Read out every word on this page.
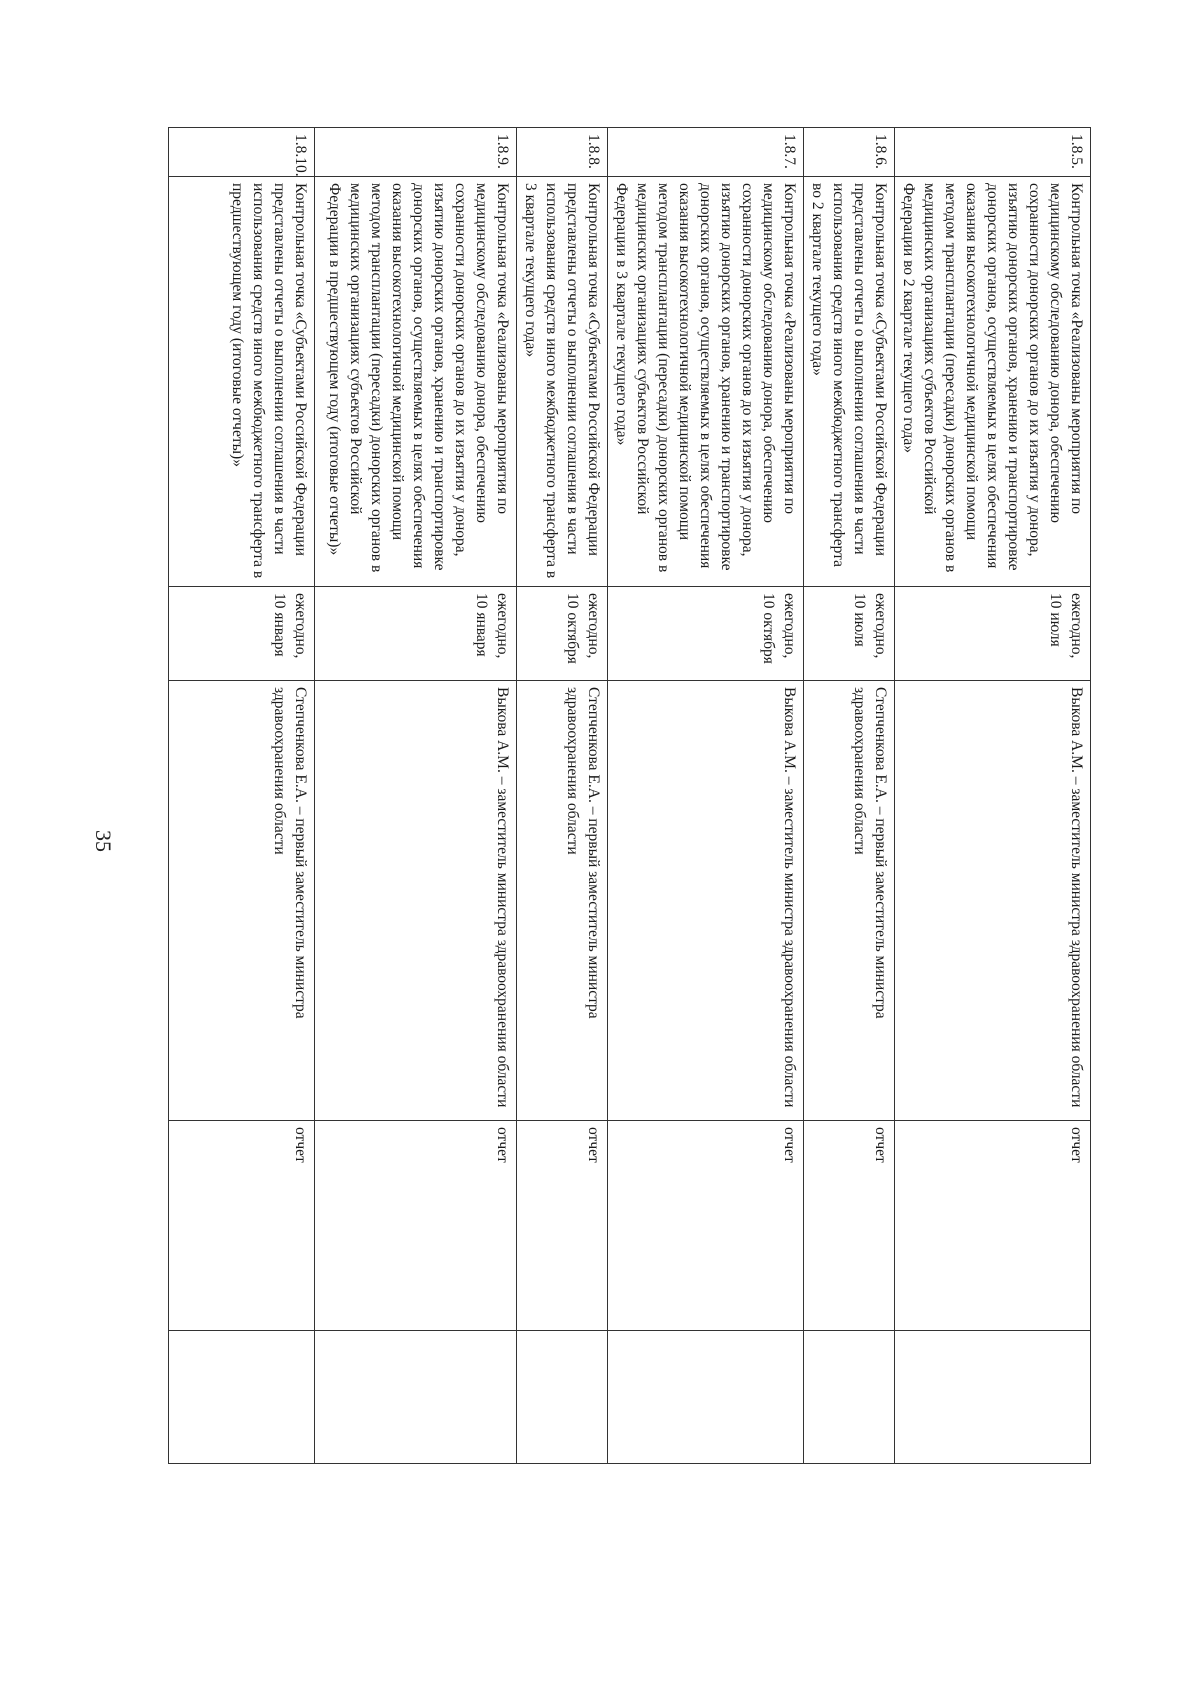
35
1.8.5.	Контрольная точка «Реализованы мероприятия по медицинскому обследованию донора, обеспечению сохранности донорских органов до их изъятия у донора, изъятию донорских органов, хранению и транспортировке донорских органов, осуществляемых в целях обеспечения оказания высокотехнологичной медицинской помощи методом трансплантации (пересадки) донорских органов в медицинских организациях субъектов Российской Федерации во 2 квартале текущего года»	ежегодно, 10 июля	Выкова А.М. – заместитель министра здравоохранения области	отчет	
1.8.6.	Контрольная точка «Субъектами Российской Федерации представлены отчеты о выполнении соглашения в части использования средств иного межбюджетного трансферта во 2 квартале текущего года»	ежегодно, 10 июля	Степченкова Е.А. – первый заместитель министра здравоохранения области	отчет	
1.8.7.	Контрольная точка «Реализованы мероприятия по медицинскому обследованию донора, обеспечению сохранности донорских органов до их изъятия у донора, изъятию донорских органов, хранению и транспортировке донорских органов, осуществляемых в целях обеспечения оказания высокотехнологичной медицинской помощи методом трансплантации (пересадки) донорских органов в медицинских организациях субъектов Российской Федерации в 3 квартале текущего года»	ежегодно, 10 октября	Выкова А.М. – заместитель министра здравоохранения области	отчет	
1.8.8.	Контрольная точка «Субъектами Российской Федерации представлены отчеты о выполнении соглашения в части использования средств иного межбюджетного трансферта в 3 квартале текущего года»	ежегодно, 10 октября	Степченкова Е.А. – первый заместитель министра здравоохранения области	отчет	
1.8.9.	Контрольная точка «Реализованы мероприятия по медицинскому обследованию донора, обеспечению сохранности донорских органов до их изъятия у донора, изъятию донорских органов, хранению и транспортировке донорских органов, осуществляемых в целях обеспечения оказания высокотехнологичной медицинской помощи методом трансплантации (пересадки) донорских органов в медицинских организациях субъектов Российской Федерации в предшествующем году (итоговые отчеты)»	ежегодно, 10 января	Выкова А.М. – заместитель министра здравоохранения области	отчет	
1.8.10.	Контрольная точка «Субъектами Российской Федерации представлены отчеты о выполнении соглашения в части использования средств иного межбюджетного трансферта в предшествующем году (итоговые отчеты)»	ежегодно, 10 января	Степченкова Е.А. – первый заместитель министра здравоохранения области	отчет	
